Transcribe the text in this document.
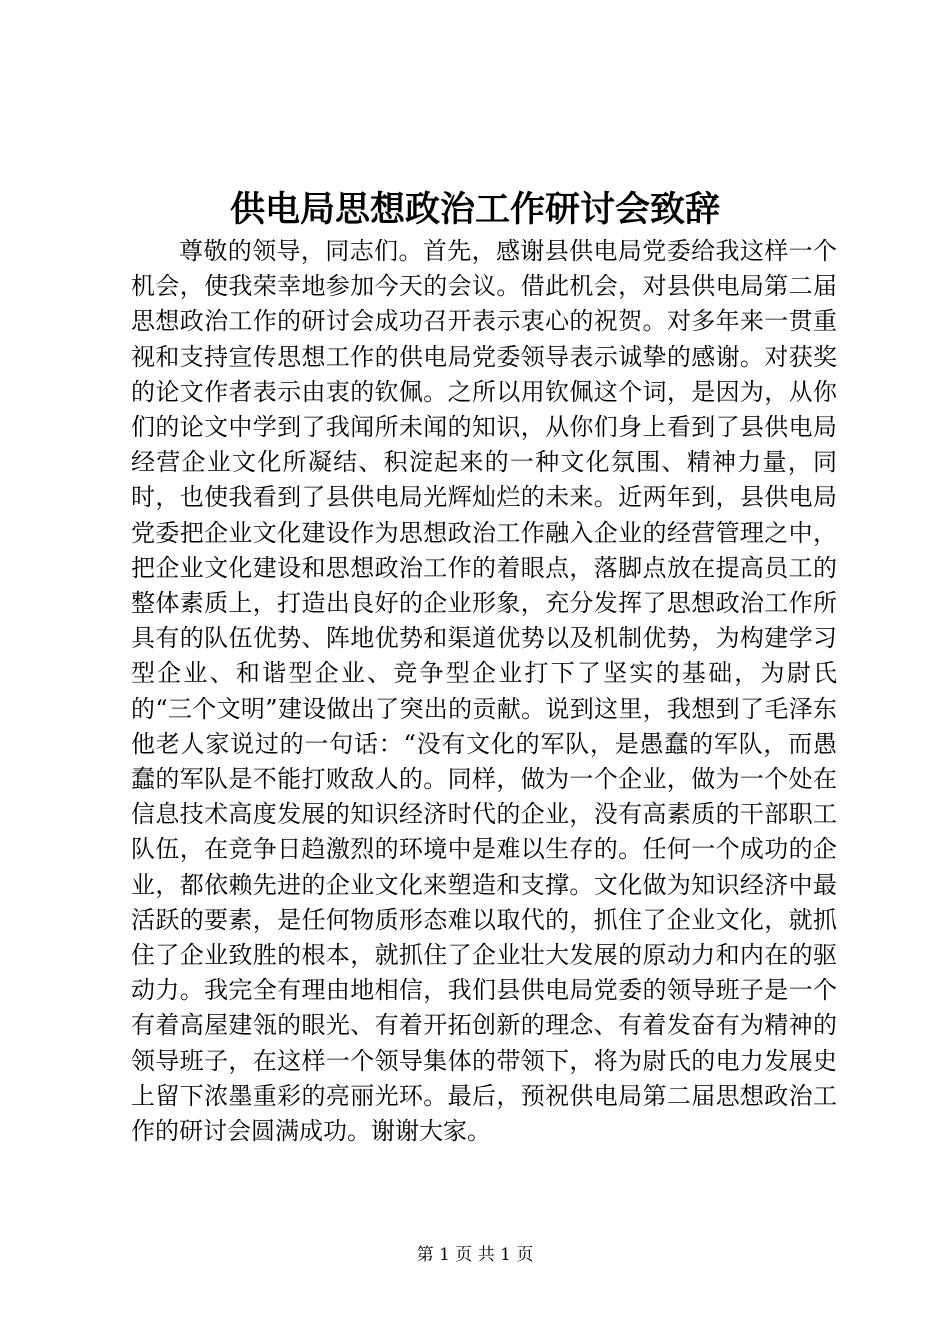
供电局思想政治工作研讨会致辞

尊敬的领导，同志们。首先，感谢县供电局党委给我这样一个机会，使我荣幸地参加今天的会议。借此机会，对县供电局第二届思想政治工作的研讨会成功召开表示衷心的祝贺。对多年来一贯重视和支持宣传思想工作的供电局党委领导表示诚挚的感谢。对获奖的论文作者表示由衷的钦佩。之所以用钦佩这个词，是因为，从你们的论文中学到了我闻所未闻的知识，从你们身上看到了县供电局经营企业文化所凝结、积淀起来的一种文化氛围、精神力量，同时，也使我看到了县供电局光辉灿烂的未来。近两年到，县供电局党委把企业文化建设作为思想政治工作融入企业的经营管理之中，把企业文化建设和思想政治工作的着眼点，落脚点放在提高员工的整体素质上，打造出良好的企业形象，充分发挥了思想政治工作所具有的队伍优势、阵地优势和渠道优势以及机制优势，为构建学习型企业、和谐型企业、竞争型企业打下了坚实的基础，为尉氏的“三个文明”建设做出了突出的贡献。说到这里，我想到了毛泽东他老人家说过的一句话：“没有文化的军队，是愚蠢的军队，而愚蠢的军队是不能打败敌人的。同样，做为一个企业，做为一个处在信息技术高度发展的知识经济时代的企业，没有高素质的干部职工队伍，在竞争日趋激烈的环境中是难以生存的。任何一个成功的企业，都依赖先进的企业文化来塑造和支撑。文化做为知识经济中最活跃的要素，是任何物质形态难以取代的，抓住了企业文化，就抓住了企业致胜的根本，就抓住了企业壮大发展的原动力和内在的驱动力。我完全有理由地相信，我们县供电局党委的领导班子是一个有着高屋建瓴的眼光、有着开拓创新的理念、有着发奋有为精神的领导班子，在这样一个领导集体的带领下，将为尉氏的电力发展史上留下浓墨重彩的亮丽光环。最后，预祝供电局第二届思想政治工作的研讨会圆满成功。谢谢大家。

第 1 页 共 1 页
